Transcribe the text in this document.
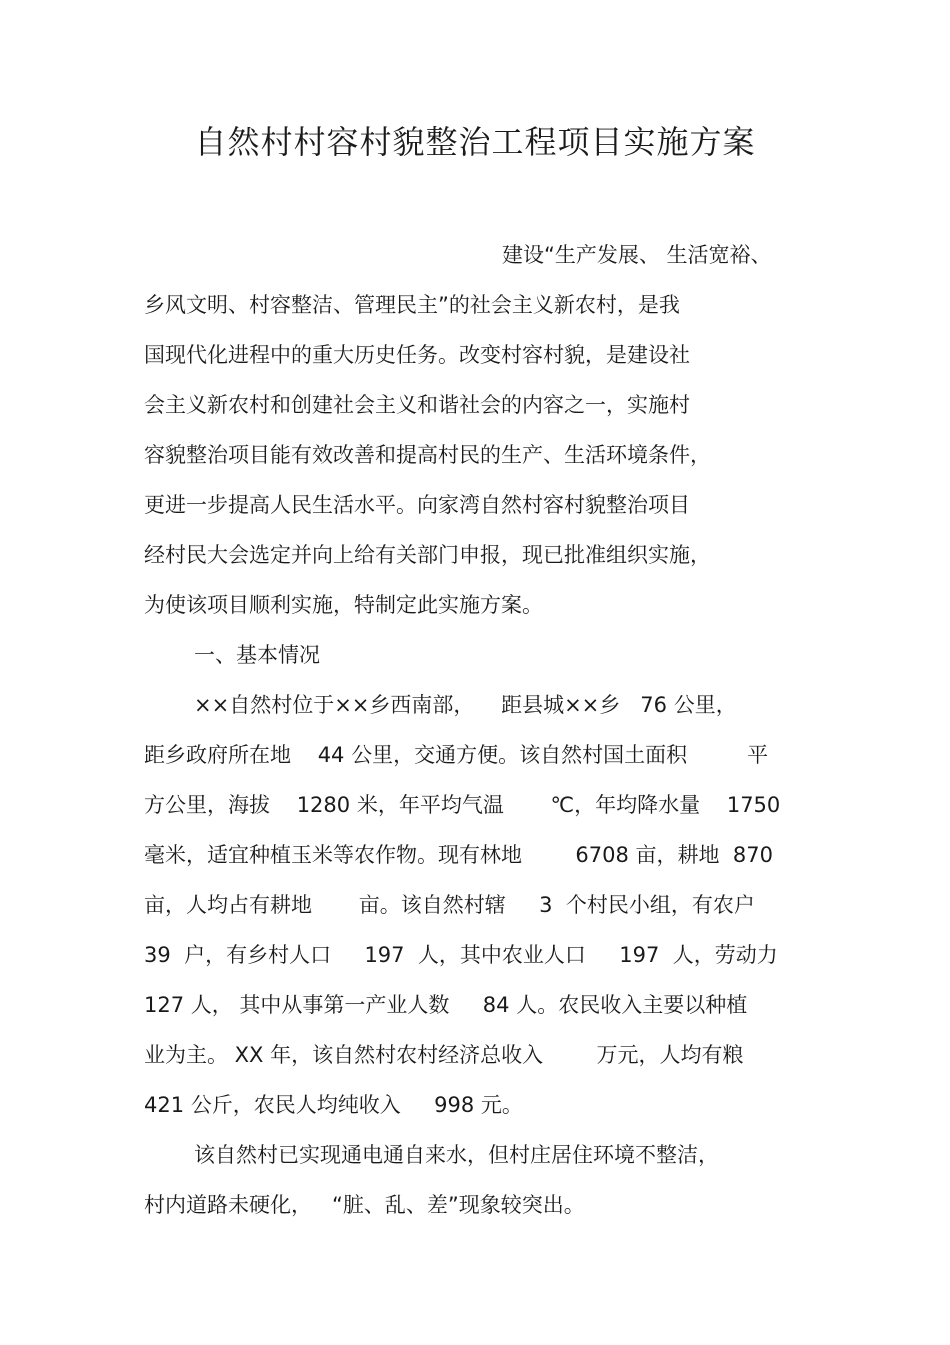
自然村村容村貌整治工程项目实施方案

建设“生产发展、 生活宽裕、

乡风文明、村容整洁、管理民主”的社会主义新农村，是我

国现代化进程中的重大历史任务。改变村容村貌，是建设社

会主义新农村和创建社会主义和谐社会的内容之一，实施村

容貌整治项目能有效改善和提高村民的生产、生活环境条件，

更进一步提高人民生活水平。向家湾自然村容村貌整治项目

经村民大会选定并向上给有关部门申报，现已批准组织实施，

为使该项目顺利实施，特制定此实施方案。

一、基本情况

××自然村位于××乡西南部，    距县城××乡   76 公里，

距乡政府所在地    44 公里，交通方便。该自然村国土面积         平

方公里，海拔    1280 米，年平均气温       ℃，年均降水量    1750

毫米，适宜种植玉米等农作物。现有林地        6708 亩，耕地  870

亩，人均占有耕地       亩。该自然村辖     3  个村民小组，有农户

39  户，有乡村人口     197  人，其中农业人口     197  人，劳动力

127 人， 其中从事第一产业人数     84 人。农民收入主要以种植

业为主。 XX 年，该自然村农村经济总收入        万元，人均有粮

421 公斤，农民人均纯收入     998 元。

该自然村已实现通电通自来水，但村庄居住环境不整洁，

村内道路未硬化，   “脏、乱、差”现象较突出。
